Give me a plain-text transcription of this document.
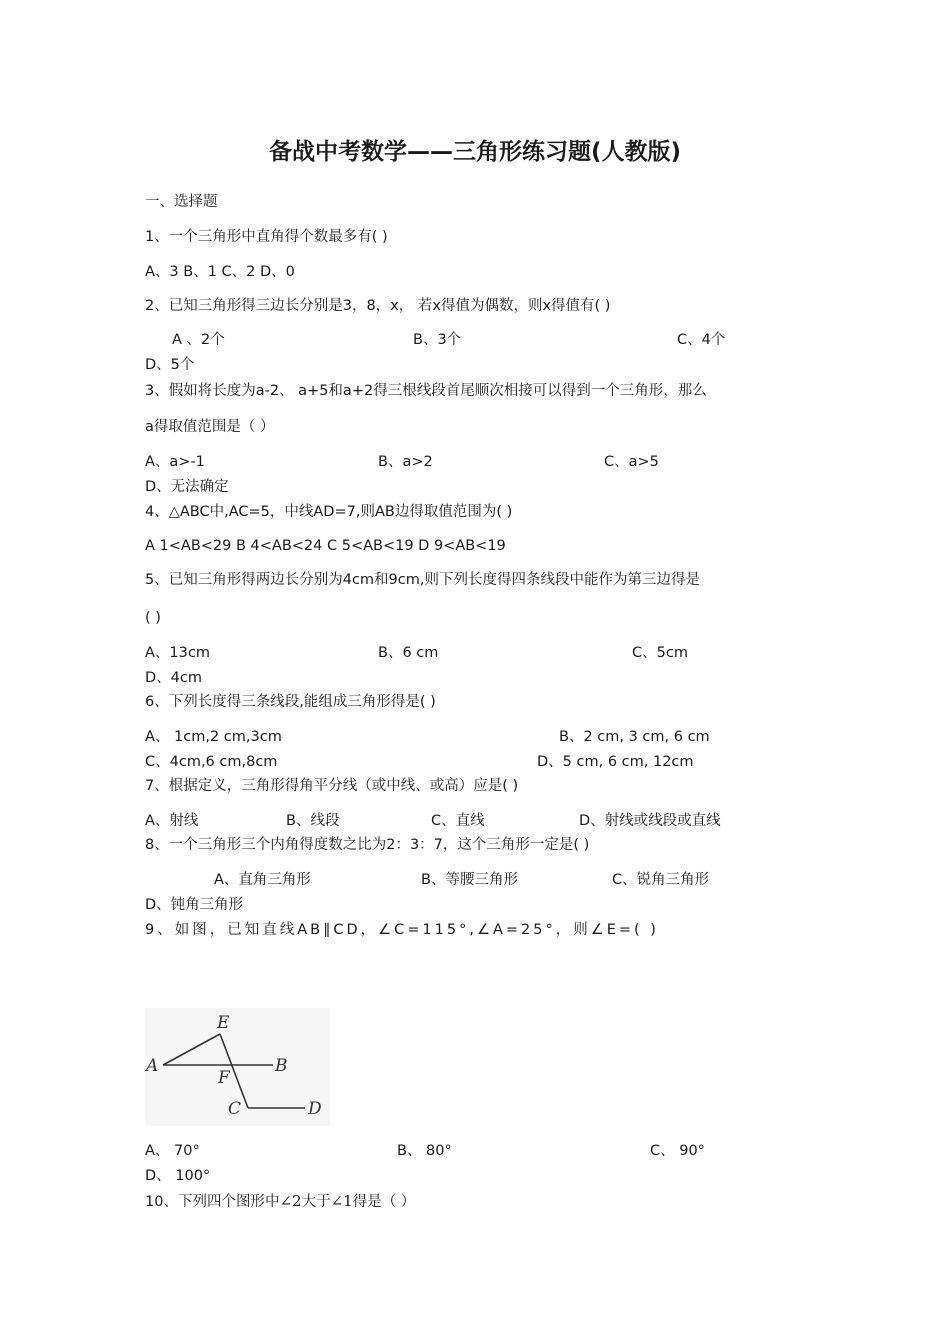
备战中考数学——三角形练习题(人教版)
一、选择题
1、一个三角形中直角得个数最多有( )
A、3 B、1 C、2 D、0
2、已知三角形得三边长分别是3，8，x， 若x得值为偶数，则x得值有( )
A 、2个	B、3个	C、4个
D、5个
3、假如将长度为a-2、 a+5和a+2得三根线段首尾顺次相接可以得到一个三角形，那么
a得取值范围是（ ）
A、a>-1	B、a>2	C、a>5
D、无法确定
4、△ABC中,AC=5，中线AD=7,则AB边得取值范围为( )
A 1<AB<29 B 4<AB<24 C 5<AB<19 D 9<AB<19
5、已知三角形得两边长分别为4cm和9cm,则下列长度得四条线段中能作为第三边得是
( )
A、13cm	B、6 cm	C、5cm
D、4cm
6、下列长度得三条线段,能组成三角形得是( )
A、 1cm,2 cm,3cm	B、2 cm, 3 cm, 6 cm
C、4cm,6 cm,8cm	D、5 cm, 6 cm, 12cm
7、根据定义，三角形得角平分线（或中线、或高）应是( )
A、射线	B、线段	C、直线	D、射线或线段或直线
8、一个三角形三个内角得度数之比为2：3：7，这个三角形一定是( )
A、直角三角形	B、等腰三角形	C、锐角三角形
D、钝角三角形
9、如图，已知直线AB∥CD，∠C=115°,∠A=25°，则∠E=( )
E
A	B
F
C	D
A、 70°	B、 80°	C、 90°
D、 100°
10、下列四个图形中∠2大于∠1得是（ ）
